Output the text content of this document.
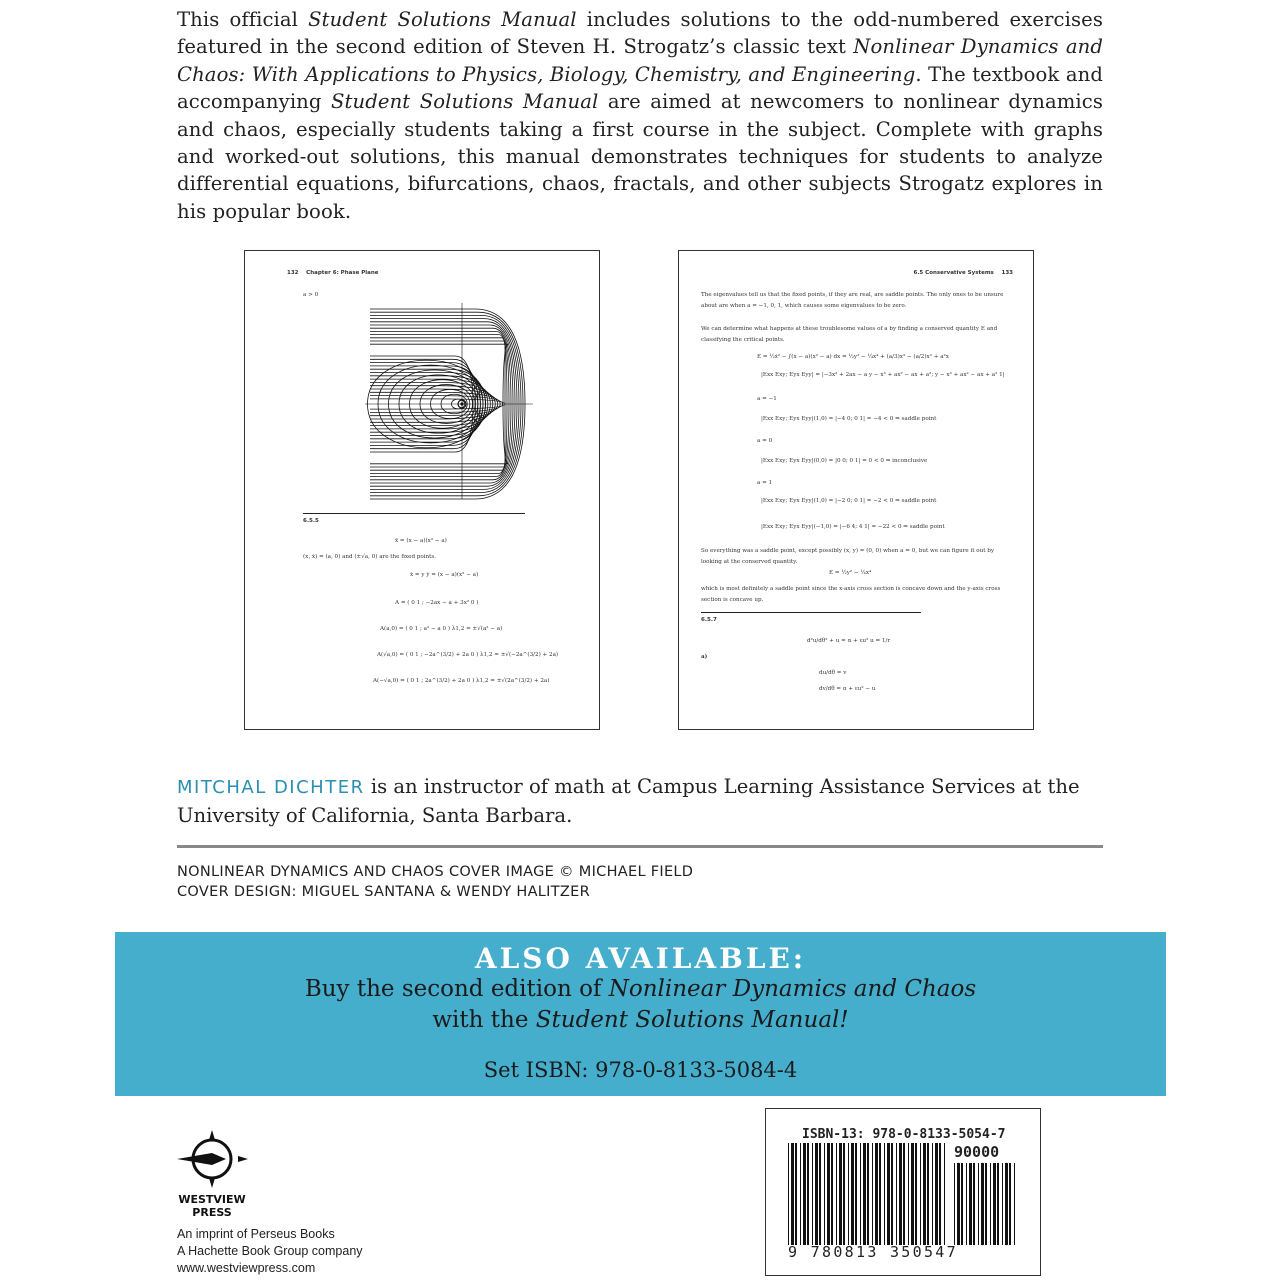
This official Student Solutions Manual includes solutions to the odd-numbered exercises featured in the second edition of Steven H. Strogatz’s classic text Nonlinear Dynamics and Chaos: With Applications to Physics, Biology, Chemistry, and Engineering. The textbook and accompanying Student Solutions Manual are aimed at newcomers to nonlinear dynamics and chaos, especially students taking a first course in the subject. Complete with graphs and worked-out solutions, this manual demonstrates techniques for students to analyze differential equations, bifurcations, chaos, fractals, and other subjects Strogatz explores in his popular book.

132 Chapter 6: Phase Plane
a > 0
6.5.5
ẍ = (x − a)(x² − a)
(x, ẋ) = (a, 0) and (±√a, 0) are the fixed points.
ẋ = y ẏ = (x − a)(x² − a)
A = ( 0 1 ; −2ax − a + 3x² 0 )
A(a,0) = ( 0 1 ; a² − a 0 ) λ1,2 = ±√(a² − a)
A(√a,0) = ( 0 1 ; −2a^(3/2) + 2a 0 ) λ1,2 = ±√(−2a^(3/2) + 2a)
A(−√a,0) = ( 0 1 ; 2a^(3/2) + 2a 0 ) λ1,2 = ±√(2a^(3/2) + 2a)
6.5 Conservative Systems 133
The eigenvalues tell us that the fixed points, if they are real, are saddle points. The only ones to be unsure
about are when a = −1, 0, 1, which causes some eigenvalues to be zero.
We can determine what happens at these troublesome values of a by finding a conserved quantity E and
classifying the critical points.
E = ½ẋ² − ∫(x − a)(x² − a) dx = ½y² − ¼x⁴ + (a/3)x³ − (a/2)x² + a²x
|Exx Exy; Eyx Eyy| = |−3x² + 2ax − a y − x³ + ax² − ax + a²; y − x³ + ax² − ax + a² 1|
a = −1
|Exx Exy; Eyx Eyy|(1,0) = |−4 0; 0 1| = −4 < 0 ⇒ saddle point
a = 0
|Exx Exy; Eyx Eyy|(0,0) = |0 0; 0 1| = 0 < 0 ⇒ inconclusive
a = 1
|Exx Exy; Eyx Eyy|(1,0) = |−2 0; 0 1| = −2 < 0 ⇒ saddle point
|Exx Exy; Eyx Eyy|(−1,0) = |−6 4; 4 1| = −22 < 0 ⇒ saddle point
So everything was a saddle point, except possibly (x, y) = (0, 0) when a = 0, but we can figure it out by
looking at the conserved quantity.
E = ½y² − ¼x⁴
which is most definitely a saddle point since the x-axis cross section is concave down and the y-axis cross
section is concave up.
6.5.7
d²u/dθ² + u = α + εu² u = 1/r
a)
du/dθ = v
dv/dθ = α + εu² − u
MITCHAL DICHTER is an instructor of math at Campus Learning Assistance Services at the University of California, Santa Barbara.
NONLINEAR DYNAMICS AND CHAOS COVER IMAGE © MICHAEL FIELD
COVER DESIGN: MIGUEL SANTANA & WENDY HALITZER
ALSO AVAILABLE:
Buy the second edition of Nonlinear Dynamics and Chaos
with the Student Solutions Manual!
Set ISBN: 978-0-8133-5084-4
WESTVIEW
PRESS
An imprint of Perseus Books
A Hachette Book Group company
www.westviewpress.com
ISBN-13: 978-0-8133-5054-7
90000
9 780813 350547
